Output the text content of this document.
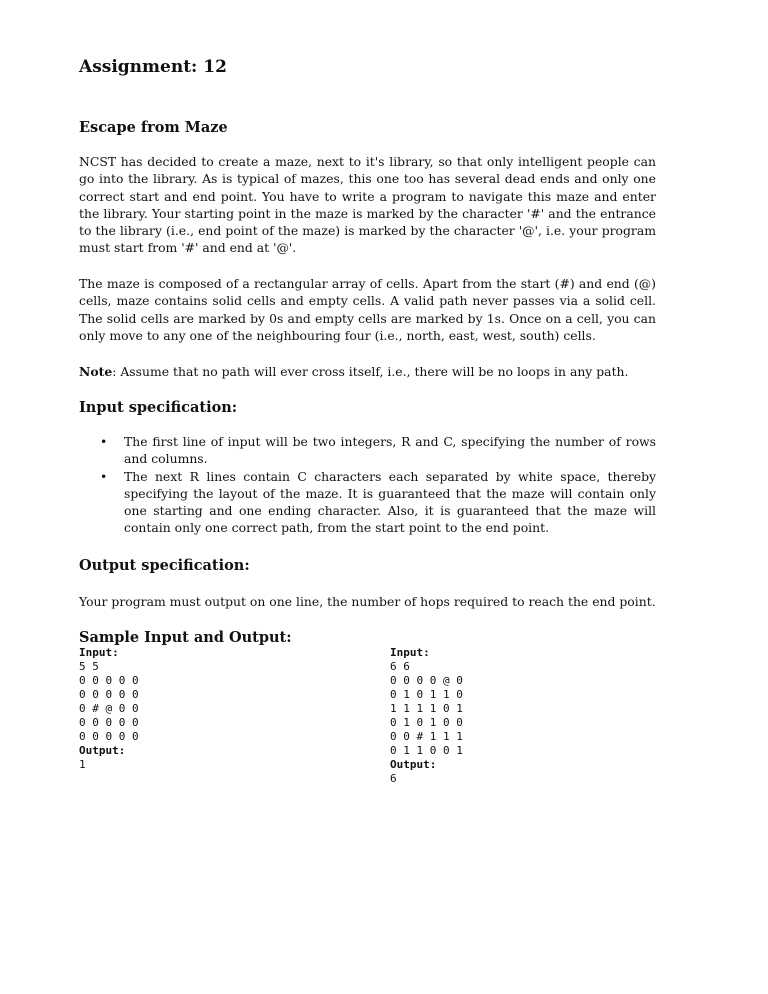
Assignment: 12
Escape from Maze

NCST has decided to create a maze, next to it's library, so that only intelligent people can go into the library. As is typical of mazes, this one too has several dead ends and only one correct start and end point. You have to write a program to navigate this maze and enter the library. Your starting point in the maze is marked by the character '#' and the entrance to the library (i.e., end point of the maze) is marked by the character '@', i.e. your program must start from '#' and end at '@'.

The maze is composed of a rectangular array of cells. Apart from the start (#) and end (@) cells, maze contains solid cells and empty cells. A valid path never passes via a solid cell. The solid cells are marked by 0s and empty cells are marked by 1s. Once on a cell, you can only move to any one of the neighbouring four (i.e., north, east, west, south) cells.

Note: Assume that no path will ever cross itself, i.e., there will be no loops in any path.

Input specification:
• The first line of input will be two integers, R and C, specifying the number of rows and columns.
• The next R lines contain C characters each separated by white space, thereby specifying the layout of the maze. It is guaranteed that the maze will contain only one starting and one ending character. Also, it is guaranteed that the maze will contain only one correct path, from the start point to the end point.
Output specification:

Your program must output on one line, the number of hops required to reach the end point.

Sample Input and Output:
Input:
5 5
0 0 0 0 0
0 0 0 0 0
0 # @ 0 0
0 0 0 0 0
0 0 0 0 0
Output:
1
Input:
6 6
0 0 0 0 @ 0
0 1 0 1 1 0
1 1 1 1 0 1
0 1 0 1 0 0
0 0 # 1 1 1
0 1 1 0 0 1
Output:
6
